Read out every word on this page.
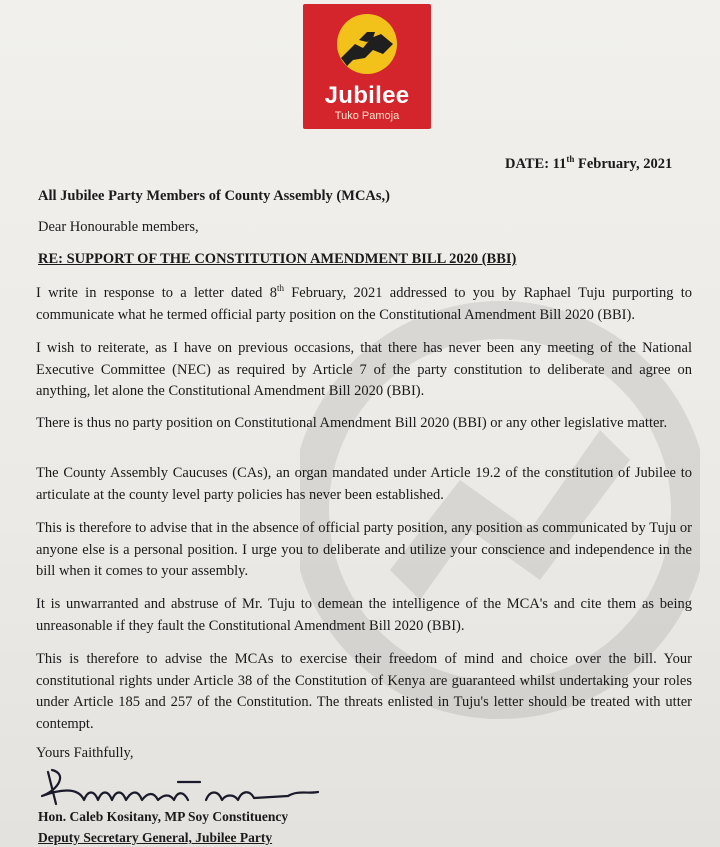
Jubilee
Tuko Pamoja
DATE: 11th February, 2021
All Jubilee Party Members of County Assembly (MCAs,)
Dear Honourable members,
RE: SUPPORT OF THE CONSTITUTION AMENDMENT BILL 2020 (BBI)
I write in response to a letter dated 8th February, 2021 addressed to you by Raphael Tuju purporting to communicate what he termed official party position on the Constitutional Amendment Bill 2020 (BBI).
I wish to reiterate, as I have on previous occasions, that there has never been any meeting of the National Executive Committee (NEC) as required by Article 7 of the party constitution to deliberate and agree on anything, let alone the Constitutional Amendment Bill 2020 (BBI).
There is thus no party position on Constitutional Amendment Bill 2020 (BBI) or any other legislative matter.
The County Assembly Caucuses (CAs), an organ mandated under Article 19.2 of the constitution of Jubilee to articulate at the county level party policies has never been established.
This is therefore to advise that in the absence of official party position, any position as communicated by Tuju or anyone else is a personal position. I urge you to deliberate and utilize your conscience and independence in the bill when it comes to your assembly.
It is unwarranted and abstruse of Mr. Tuju to demean the intelligence of the MCA's and cite them as being unreasonable if they fault the Constitutional Amendment Bill 2020 (BBI).
This is therefore to advise the MCAs to exercise their freedom of mind and choice over the bill. Your constitutional rights under Article 38 of the Constitution of Kenya are guaranteed whilst undertaking your roles under Article 185 and 257 of the Constitution. The threats enlisted in Tuju's letter should be treated with utter contempt.
Yours Faithfully,
Hon. Caleb Kositany, MP Soy Constituency
Deputy Secretary General, Jubilee Party
